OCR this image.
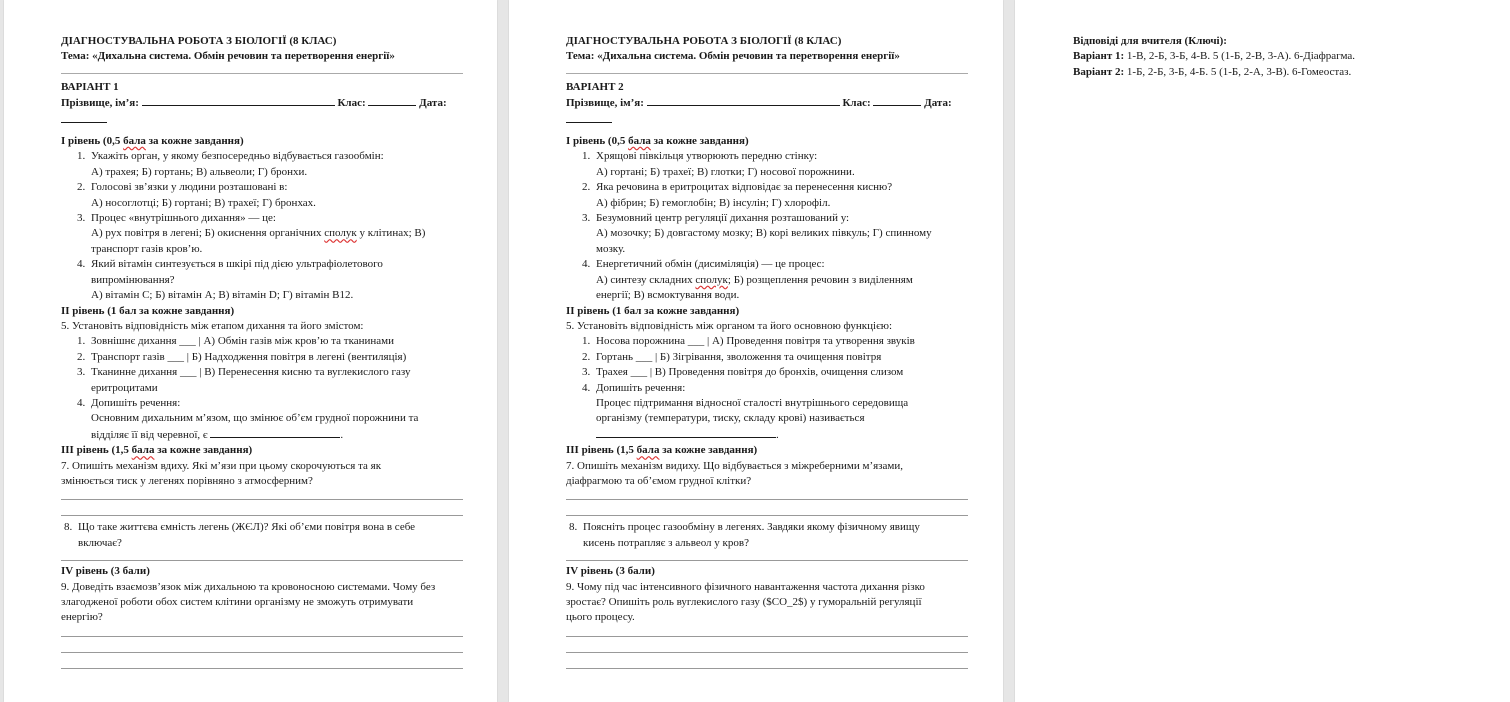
ДІАГНОСТУВАЛЬНА РОБОТА З БІОЛОГІЇ (8 КЛАС)

Тема: «Дихальна система. Обмін речовин та перетворення енергії»

ВАРІАНТ 1

Прізвище, ім’я:	Клас:	Дата:

І рівень (0,5 бала за кожне завдання)

1. Укажіть орган, у якому безпосередньо відбувається газообмін:
А) трахея; Б) гортань; В) альвеоли; Г) бронхи.
2. Голосові зв’язки у людини розташовані в:
А) носоглотці; Б) гортані; В) трахеї; Г) бронхах.
3. Процес «внутрішнього дихання» — це:
А) рух повітря в легені; Б) окиснення органічних сполук у клітинах; В)
транспорт газів кров’ю.
4. Який вітамін синтезується в шкірі під дією ультрафіолетового
випромінювання?
А) вітамін С; Б) вітамін А; В) вітамін D; Г) вітамін В12.

ІІ рівень (1 бал за кожне завдання)

5. Установіть відповідність між етапом дихання та його змістом:

1. Зовнішнє дихання ___ | А) Обмін газів між кров’ю та тканинами
2. Транспорт газів ___ | Б) Надходження повітря в легені (вентиляція)
3. Тканинне дихання ___ | В) Перенесення кисню та вуглекислого газу
еритроцитами
4. Допишіть речення:
Основним дихальним м’язом, що змінює об’єм грудної порожнини та
відділяє її від черевної, є	.

ІІІ рівень (1,5 бала за кожне завдання)

7. Опишіть механізм вдиху. Які м’язи при цьому скорочуються та як
змінюється тиск у легенях порівняно з атмосферним?

8. Що таке життєва ємність легень (ЖЄЛ)? Які об’єми повітря вона в себе
включає?

ІV рівень (3 бали)

9. Доведіть взаємозв’язок між дихальною та кровоносною системами. Чому без
злагодженої роботи обох систем клітини організму не зможуть отримувати
енергію?

ДІАГНОСТУВАЛЬНА РОБОТА З БІОЛОГІЇ (8 КЛАС)

Тема: «Дихальна система. Обмін речовин та перетворення енергії»

ВАРІАНТ 2

Прізвище, ім’я:	Клас:	Дата:

І рівень (0,5 бала за кожне завдання)

1. Хрящові півкільця утворюють передню стінку:
А) гортані; Б) трахеї; В) глотки; Г) носової порожнини.
2. Яка речовина в еритроцитах відповідає за перенесення кисню?
А) фібрин; Б) гемоглобін; В) інсулін; Г) хлорофіл.
3. Безумовний центр регуляції дихання розташований у:
А) мозочку; Б) довгастому мозку; В) корі великих півкуль; Г) спинному
мозку.
4. Енергетичний обмін (дисиміляція) — це процес:
А) синтезу складних сполук; Б) розщеплення речовин з виділенням
енергії; В) всмоктування води.

ІІ рівень (1 бал за кожне завдання)

5. Установіть відповідність між органом та його основною функцією:

1. Носова порожнина ___ | А) Проведення повітря та утворення звуків
2. Гортань ___ | Б) Зігрівання, зволоження та очищення повітря
3. Трахея ___ | В) Проведення повітря до бронхів, очищення слизом
4. Допишіть речення:
Процес підтримання відносної сталості внутрішнього середовища
організму (температури, тиску, складу крові) називається
.

ІІІ рівень (1,5 бала за кожне завдання)

7. Опишіть механізм видиху. Що відбувається з міжреберними м’язами,
діафрагмою та об’ємом грудної клітки?

8. Поясніть процес газообміну в легенях. Завдяки якому фізичному явищу
кисень потрапляє з альвеол у кров?

ІV рівень (3 бали)

9. Чому під час інтенсивного фізичного навантаження частота дихання різко
зростає? Опишіть роль вуглекислого газу ($CO_2$) у гуморальній регуляції
цього процесу.

Відповіді для вчителя (Ключі):

Варіант 1: 1-В, 2-Б, 3-Б, 4-В. 5 (1-Б, 2-В, 3-А). 6-Діафрагма.

Варіант 2: 1-Б, 2-Б, 3-Б, 4-Б. 5 (1-Б, 2-А, 3-В). 6-Гомеостаз.
